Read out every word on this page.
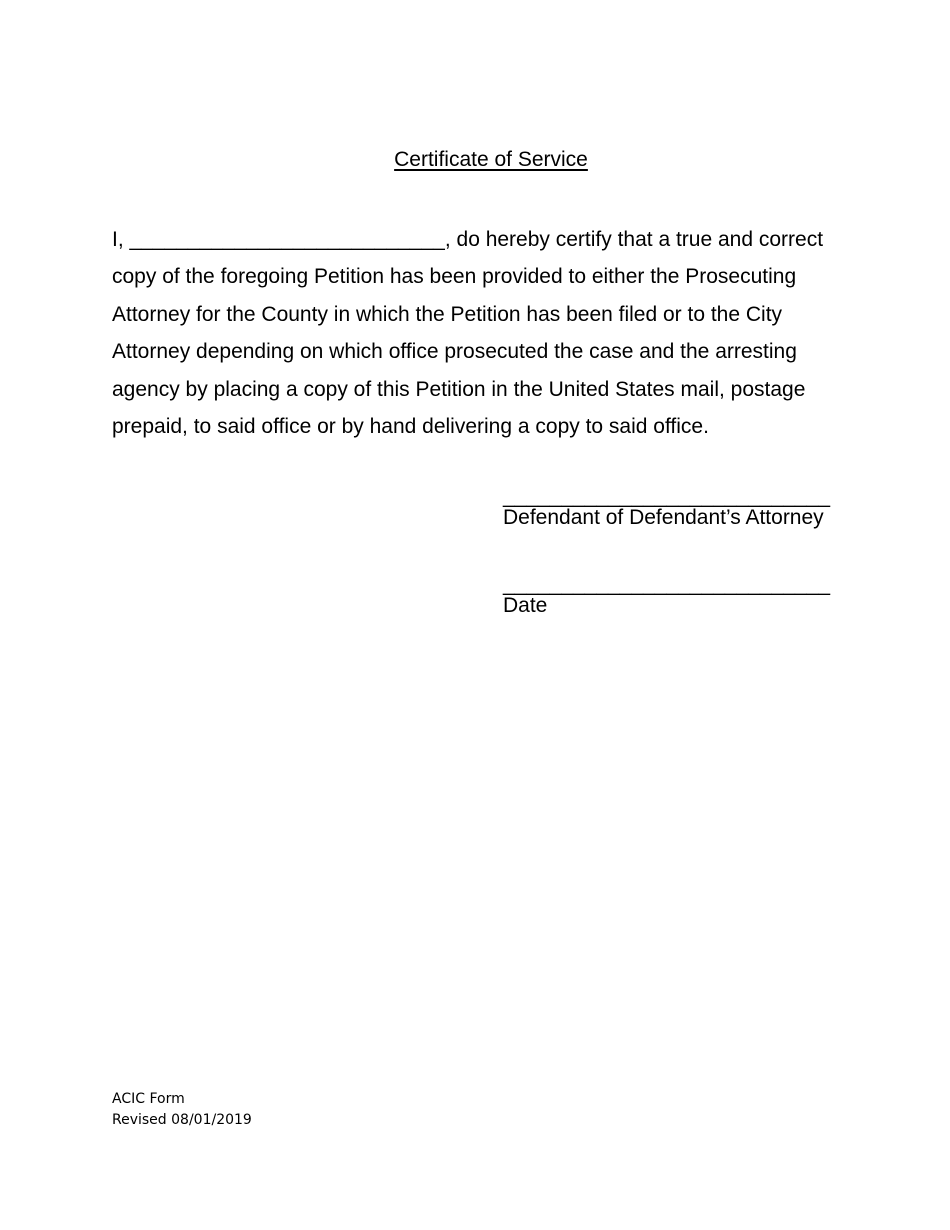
Certificate of Service

I, ___________________________, do hereby certify that a true and correct
copy of the foregoing Petition has been provided to either the Prosecuting
Attorney for the County in which the Petition has been filed or to the City
Attorney depending on which office prosecuted the case and the arresting
agency by placing a copy of this Petition in the United States mail, postage
prepaid, to said office or by hand delivering a copy to said office.

____________________________
Defendant of Defendant’s Attorney
____________________________
Date
ACIC Form
Revised 08/01/2019
